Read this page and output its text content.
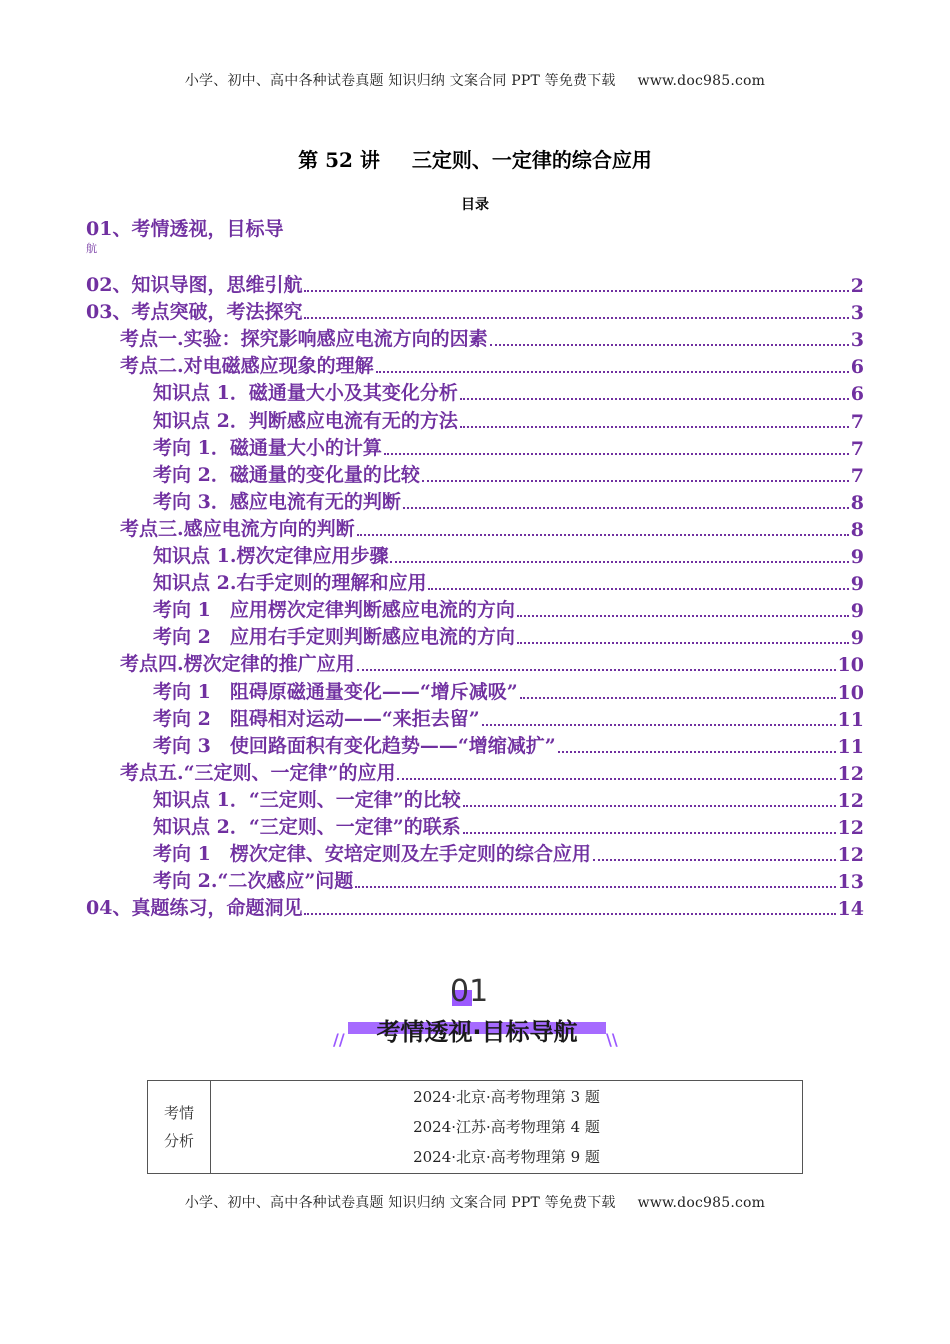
小学、初中、高中各种试卷真题 知识归纳 文案合同 PPT 等免费下载 www.doc985.com
第 52 讲 三定则、一定律的综合应用
目录
01、考情透视，目标导
航
02、知识导图，思维引航	2
03、考点突破，考法探究	3
考点一.实验：探究影响感应电流方向的因素	3
考点二.对电磁感应现象的理解	6
知识点 1．磁通量大小及其变化分析	6
知识点 2．判断感应电流有无的方法	7
考向 1．磁通量大小的计算	7
考向 2．磁通量的变化量的比较	7
考向 3．感应电流有无的判断	8
考点三.感应电流方向的判断	8
知识点 1.楞次定律应用步骤	9
知识点 2.右手定则的理解和应用	9
考向 1　应用楞次定律判断感应电流的方向	9
考向 2　应用右手定则判断感应电流的方向	9
考点四.楞次定律的推广应用	10
考向 1　阻碍原磁通量变化——“增斥减吸”	10
考向 2　阻碍相对运动——“来拒去留”	11
考向 3　使回路面积有变化趋势——“增缩减扩”	11
考点五.“三定则、一定律”的应用	12
知识点 1．“三定则、一定律”的比较	12
知识点 2．“三定则、一定律”的联系	12
考向 1　楞次定律、安培定则及左手定则的综合应用	12
考向 2.“二次感应”问题	13
04、真题练习，命题洞见	14
01
考情透视·目标导航
//	\\
考情
分析

2024·北京·高考物理第 3 题
2024·江苏·高考物理第 4 题
2024·北京·高考物理第 9 题
小学、初中、高中各种试卷真题 知识归纳 文案合同 PPT 等免费下载 www.doc985.com
